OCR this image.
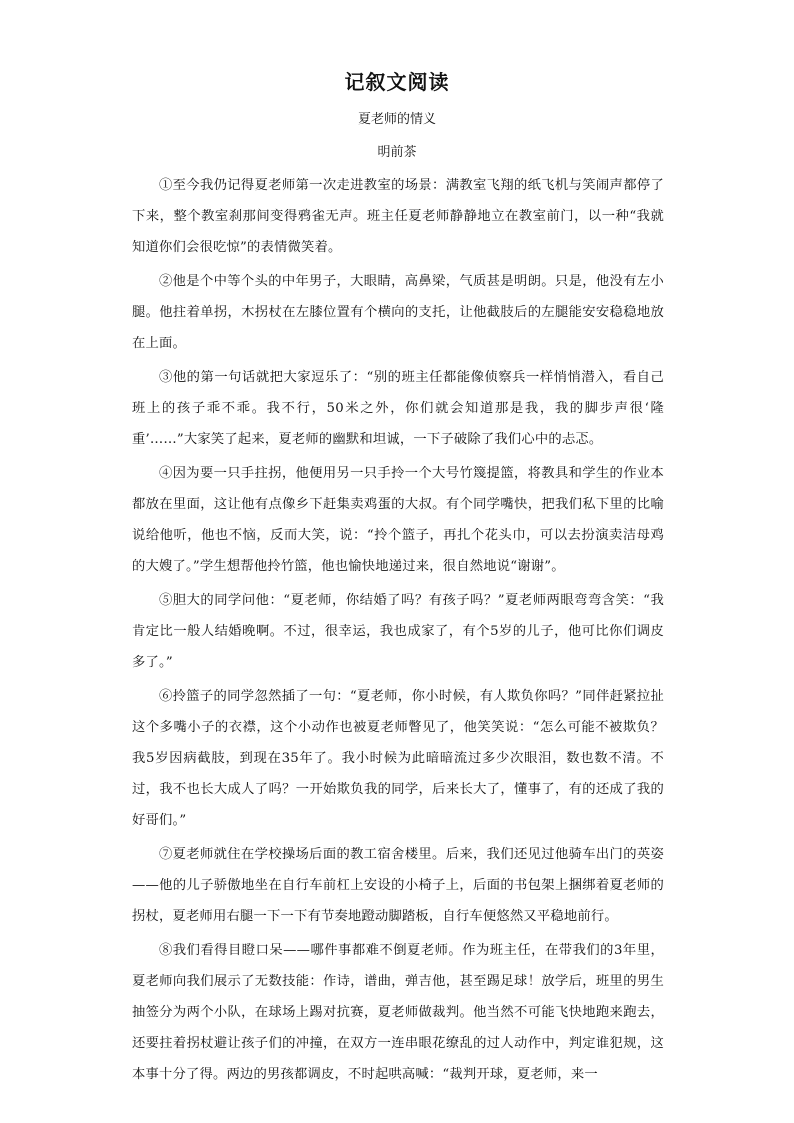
记叙文阅读
夏老师的情义
明前茶

①至今我仍记得夏老师第一次走进教室的场景：满教室飞翔的纸飞机与笑闹声都停了下来，整个教室刹那间变得鸦雀无声。班主任夏老师静静地立在教室前门，以一种“我就知道你们会很吃惊”的表情微笑着。

②他是个中等个头的中年男子，大眼睛，高鼻梁，气质甚是明朗。只是，他没有左小腿。他拄着单拐，木拐杖在左膝位置有个横向的支托，让他截肢后的左腿能安安稳稳地放在上面。

③他的第一句话就把大家逗乐了：“别的班主任都能像侦察兵一样悄悄潜入，看自己班上的孩子乖不乖。我不行，50米之外，你们就会知道那是我，我的脚步声很‘隆重’……”大家笑了起来，夏老师的幽默和坦诚，一下子破除了我们心中的忐忑。

④因为要一只手拄拐，他便用另一只手拎一个大号竹篾提篮，将教具和学生的作业本都放在里面，这让他有点像乡下赶集卖鸡蛋的大叔。有个同学嘴快，把我们私下里的比喻说给他听，他也不恼，反而大笑，说：“拎个篮子，再扎个花头巾，可以去扮演卖洁母鸡的大嫂了。”学生想帮他拎竹篮，他也愉快地递过来，很自然地说“谢谢”。

⑤胆大的同学问他：“夏老师，你结婚了吗？有孩子吗？”夏老师两眼弯弯含笑：“我肯定比一般人结婚晚啊。不过，很幸运，我也成家了，有个5岁的儿子，他可比你们调皮多了。”

⑥拎篮子的同学忽然插了一句：“夏老师，你小时候，有人欺负你吗？”同伴赶紧拉扯这个多嘴小子的衣襟，这个小动作也被夏老师瞥见了，他笑笑说：“怎么可能不被欺负？我5岁因病截肢，到现在35年了。我小时候为此暗暗流过多少次眼泪，数也数不清。不过，我不也长大成人了吗？一开始欺负我的同学，后来长大了，懂事了，有的还成了我的好哥们。”

⑦夏老师就住在学校操场后面的教工宿舍楼里。后来，我们还见过他骑车出门的英姿——他的儿子骄傲地坐在自行车前杠上安设的小椅子上，后面的书包架上捆绑着夏老师的拐杖，夏老师用右腿一下一下有节奏地蹬动脚踏板，自行车便悠然又平稳地前行。

⑧我们看得目瞪口呆——哪件事都难不倒夏老师。作为班主任，在带我们的3年里，夏老师向我们展示了无数技能：作诗，谱曲，弹吉他，甚至踢足球！放学后，班里的男生抽签分为两个小队，在球场上踢对抗赛，夏老师做裁判。他当然不可能飞快地跑来跑去，还要拄着拐杖避让孩子们的冲撞，在双方一连串眼花缭乱的过人动作中，判定谁犯规，这本事十分了得。两边的男孩都调皮，不时起哄高喊：“裁判开球，夏老师，来一
